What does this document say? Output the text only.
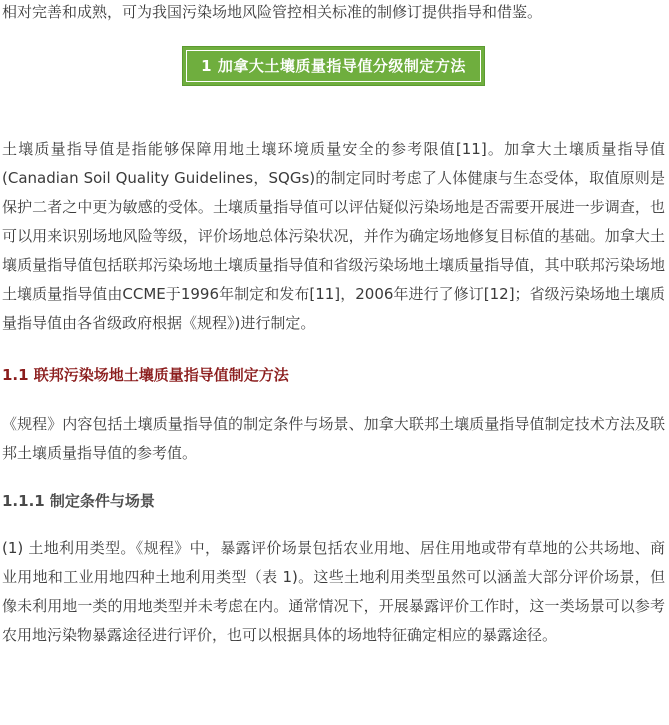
相对完善和成熟，可为我国污染场地风险管控相关标准的制修订提供指导和借鉴。

1 加拿大土壤质量指导值分级制定方法

土壤质量指导值是指能够保障用地土壤环境质量安全的参考限值[11]。加拿大土壤质量指导值(Canadian Soil Quality Guidelines，SQGs)的制定同时考虑了人体健康与生态受体，取值原则是保护二者之中更为敏感的受体。土壤质量指导值可以评估疑似污染场地是否需要开展进一步调查，也可以用来识别场地风险等级，评价场地总体污染状况，并作为确定场地修复目标值的基础。加拿大土壤质量指导值包括联邦污染场地土壤质量指导值和省级污染场地土壤质量指导值，其中联邦污染场地土壤质量指导值由CCME于1996年制定和发布[11]，2006年进行了修订[12]；省级污染场地土壤质量指导值由各省级政府根据《规程》)进行制定。

1.1 联邦污染场地土壤质量指导值制定方法

《规程》内容包括土壤质量指导值的制定条件与场景、加拿大联邦土壤质量指导值制定技术方法及联邦土壤质量指导值的参考值。

1.1.1 制定条件与场景

(1) 土地利用类型。《规程》中，暴露评价场景包括农业用地、居住用地或带有草地的公共场地、商业用地和工业用地四种土地利用类型（表 1)。这些土地利用类型虽然可以涵盖大部分评价场景，但像未利用地一类的用地类型并未考虑在内。通常情况下，开展暴露评价工作时，这一类场景可以参考农用地污染物暴露途径进行评价，也可以根据具体的场地特征确定相应的暴露途径。
